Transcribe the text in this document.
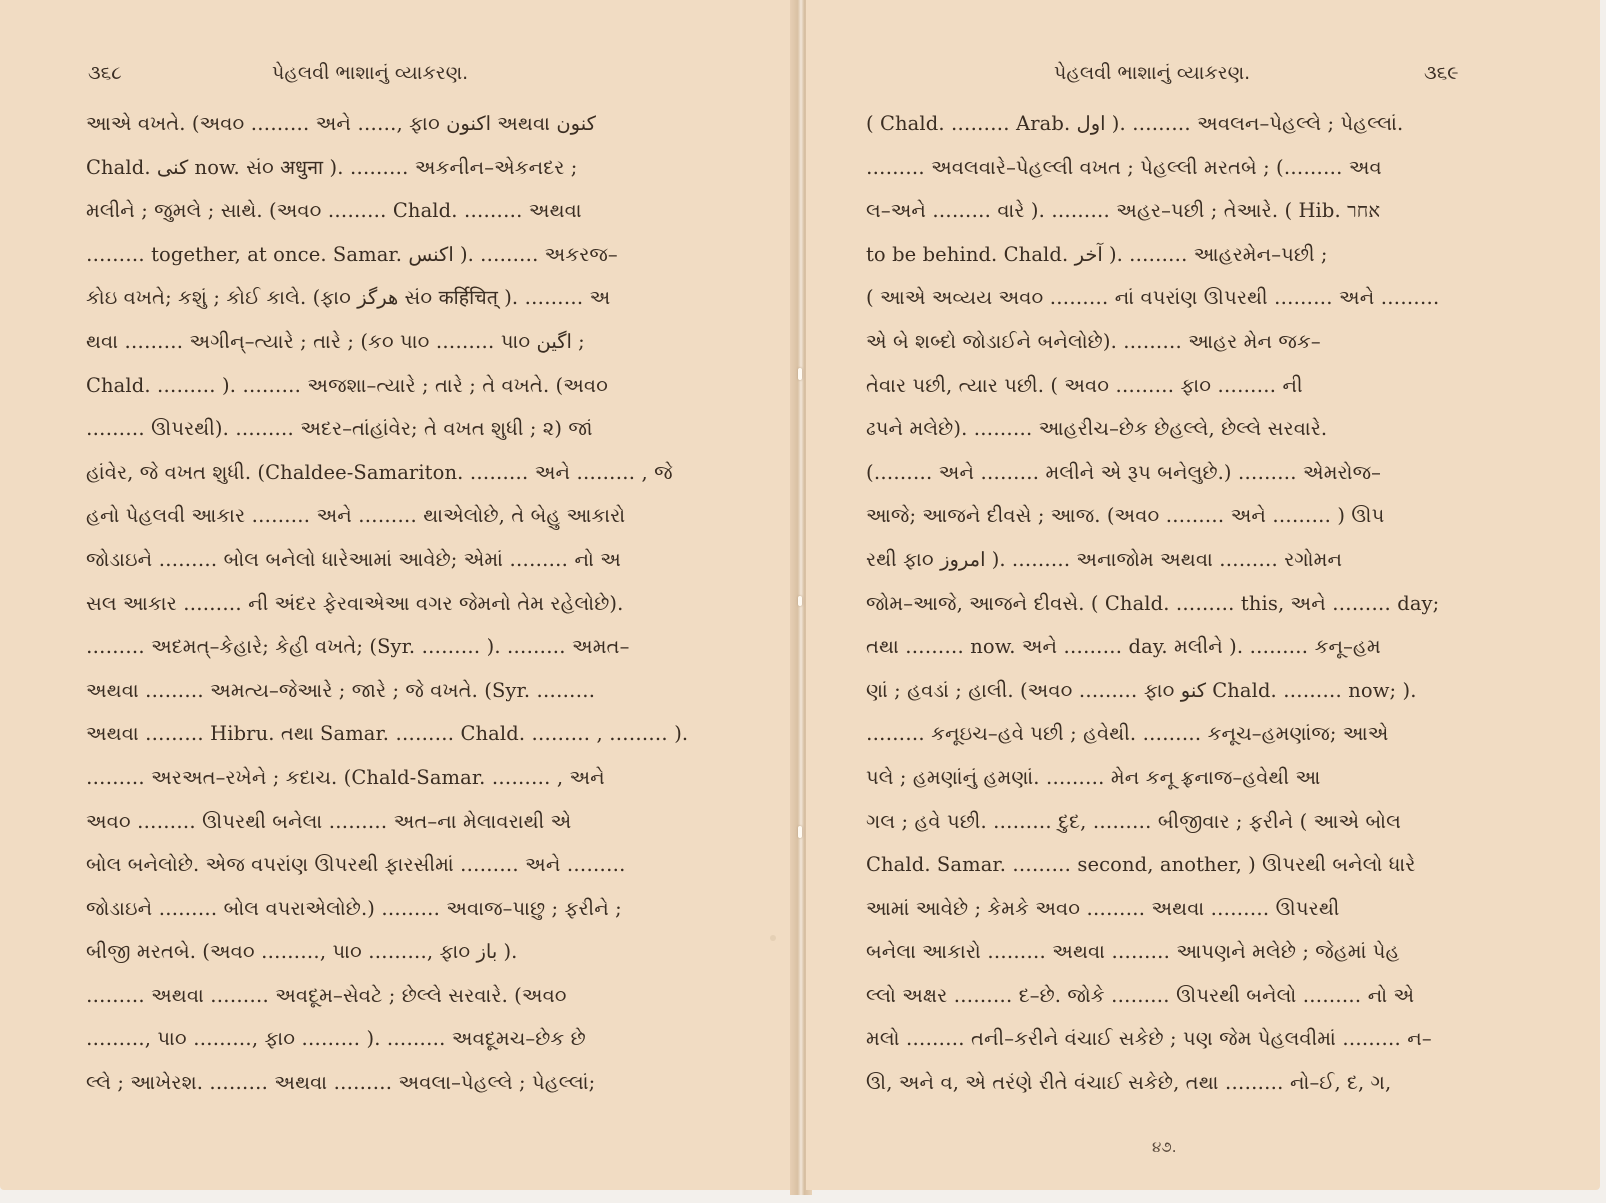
૩૬૮	પેહલવી ભાશાનું વ્યાકરણ.
આએ વખતે. (અવ૦ ……… અને ……, ફા૦ اکنون અથવા کنون
Chald. کنی now. સં૦ अधुना ). ……… અકનીન–એકનદર ;
મલીને ; જુમલે ; સાથે. (અવ૦ ……… Chald. ……… અથવા
……… together, at once. Samar. اکنس ). ……… અકરજ–
કોઇ વખતે; કશું ; કોઈ કાલે. (ફા૦ هرگز સં૦ कर्हिचित् ). ……… અ
થવા ……… અગીન્–ત્યારે ; તારે ; (ક૦ પા૦ ……… પા૦ اگین ;
Chald. ……… ). ……… અજશા–ત્યારે ; તારે ; તે વખતે. (અવ૦
……… ઊપરથી). ……… અદર–તાંહાંવેર; તે વખત શુધી ; ૨) જાં
હાંવેર, જે વખત શુધી. (Chaldee-Samariton. ……… અને ……… , જે
હનો પેહલવી આકાર ……… અને ……… થાએલોછે, તે બેહુ આકારો
જોડાઇને ……… બોલ બનેલો ધારેઆમાં આવેછે; એમાં ……… નો અ
સલ આકાર ……… ની અંદર ફેરવાએઆ વગર જેમનો તેમ રહેલોછે).
……… અદમત્–કેહારે; કેહી વખતે; (Syr. ……… ). ……… અમત–
અથવા ……… અમત્ય–જેઆરે ; જારે ; જે વખતે. (Syr. ………
અથવા ……… Hibru. તથા Samar. ……… Chald. ……… , ……… ).
……… અરઅત–રખેને ; કદાચ. (Chald-Samar. ……… , અને
અવ૦ ……… ઊપરથી બનેલા ……… અત–ના મેલાવરાથી એ
બોલ બનેલોછે. એજ વપરાંણ ઊપરથી ફારસીમાં ……… અને ………
જોડાઇને ……… બોલ વપરાએલોછે.) ……… અવાજ–પાછુ ; ફરીને ;
બીજી મરતબે. (અવ૦ ………, પા૦ ………, ફા૦ باز ).
……… અથવા ……… અવદૂમ–સેવટે ; છેલ્લે સરવારે. (અવ૦
………, પા૦ ………, ફા૦ ……… ). ……… અવદૂમચ–છેક છે
લ્લે ; આખેરશ. ……… અથવા ……… અવલા–પેહલ્લે ; પેહલ્લાં;
પેહલવી ભાશાનું વ્યાકરણ.	૩૬૯
( Chald. ……… Arab. اول ). ……… અવલન–પેહલ્લે ; પેહલ્લાં.
……… અવલવારે–પેહલ્લી વખત ; પેહલ્લી મરતબે ; (……… અવ
લ–અને ……… વારે ). ……… અહર–પછી ; તેઆરે. ( Hib. אחר
to be behind. Chald. آخر ). ……… આહરમેન–પછી ;
( આએ અવ્યય અવ૦ ……… નાં વપરાંણ ઊપરથી ……… અને ………
એ બે શબ્દો જોડાઈને બનેલોછે). ……… આહર મેન જક–
તેવાર પછી, ત્યાર પછી. ( અવ૦ ……… ફા૦ ……… ની
ઢપને મલેછે). ……… આહરીચ–છેક છેહલ્લે, છેલ્લે સરવારે.
(……… અને ……… મલીને એ રૂપ બનેલુછે.) ……… એમરોજ–
આજે; આજને દીવસે ; આજ. (અવ૦ ……… અને ……… ) ઊપ
રથી ફા૦ امروز ). ……… અનાજોમ અથવા ……… રગોમન
જોમ–આજે, આજને દીવસે. ( Chald. ……… this, અને ……… day;
તથા ……… now. અને ……… day. મલીને ). ……… કનૂ–હમ
ણાં ; હવડાં ; હાલી. (અવ૦ ……… ફા૦ کنو Chald. ……… now; ).
……… કનૂઇચ–હવે પછી ; હવેથી. ……… કનૂચ–હમણાંજ; આએ
પલે ; હમણાંનું હમણાં. ……… મેન કનૂ ફ્રનાજ–હવેથી આ
ગલ ; હવે પછી. ……… દુદ, ……… બીજીવાર ; ફરીને ( આએ બોલ
Chald. Samar. ……… second, another, ) ઊપરથી બનેલો ધારે
આમાં આવેછે ; કેમકે અવ૦ ……… અથવા ……… ઊપરથી
બનેલા આકારો ……… અથવા ……… આપણને મલેછે ; જેહમાં પેહ
લ્લો અક્ષર ……… દ–છે. જોકે ……… ઊપરથી બનેલો ……… નો એ
મલો ……… તની–કરીને વંચાઈ સકેછે ; પણ જેમ પેહલવીમાં ……… ન–
ઊ, અને વ, એ તરંણે રીતે વંચાઈ સકેછે, તથા ……… નો–ઈ, દ, ગ,
૪૭.
